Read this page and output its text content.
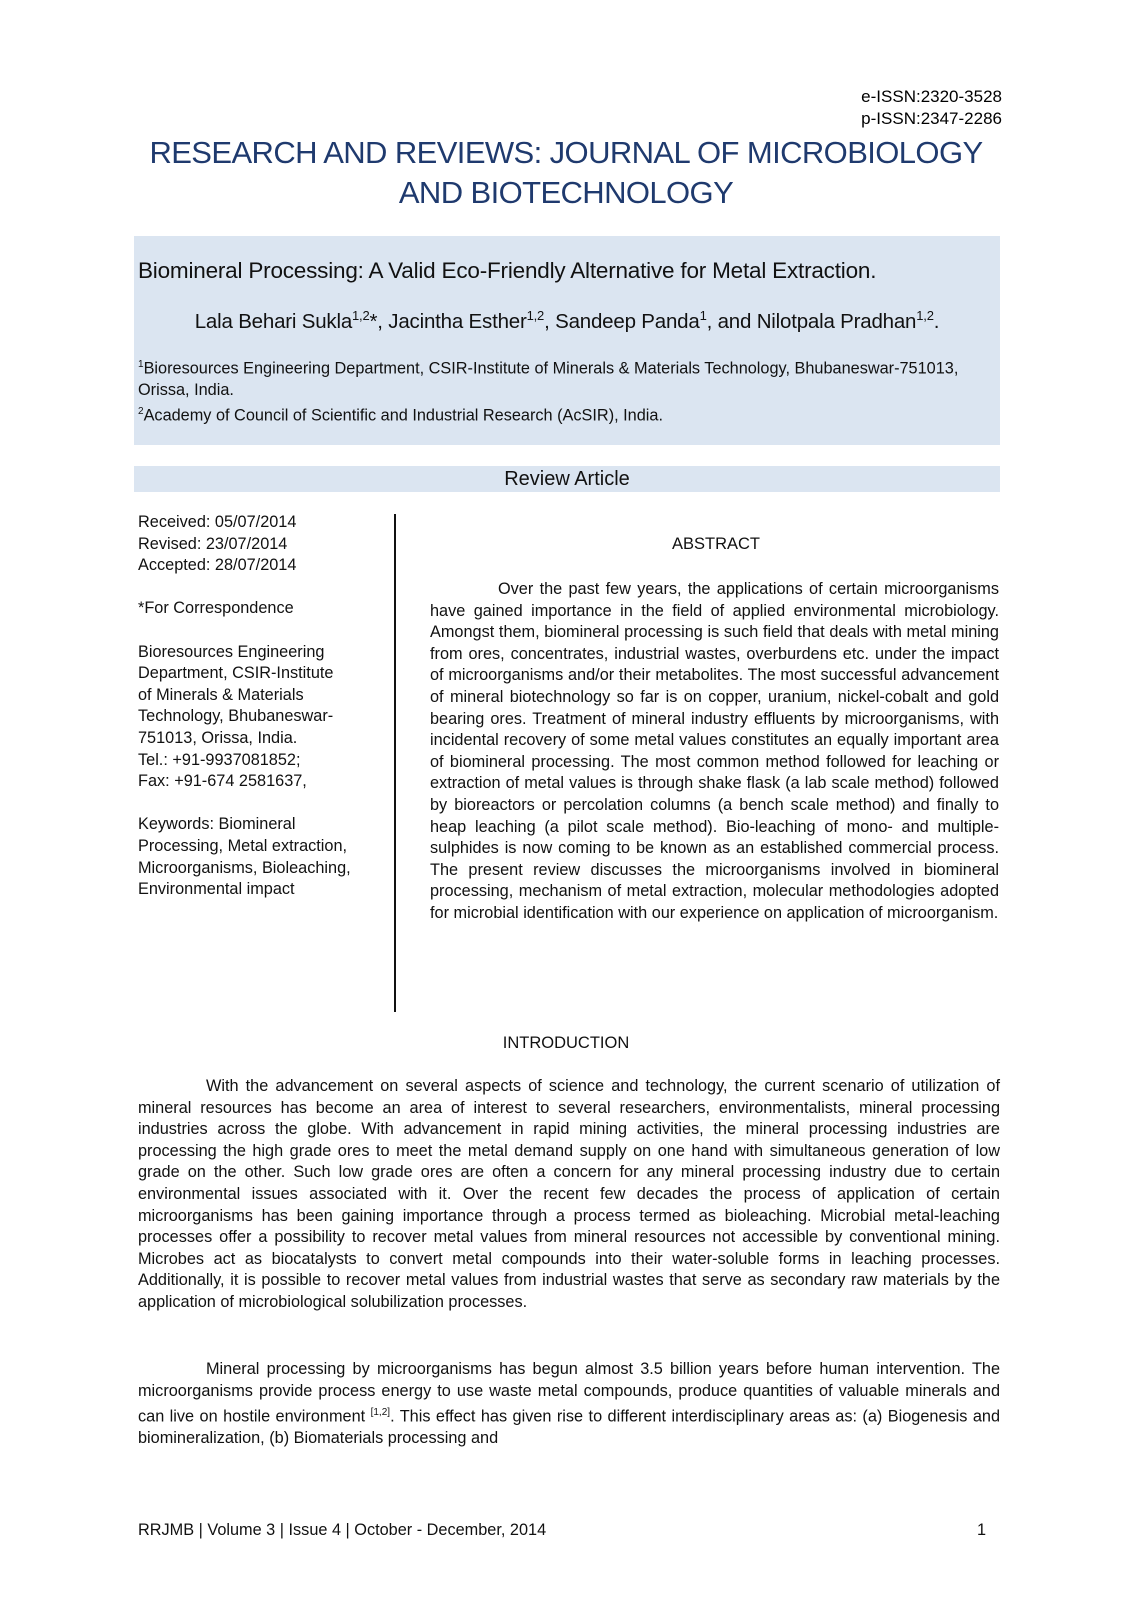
e-ISSN:2320-3528
p-ISSN:2347-2286
RESEARCH AND REVIEWS: JOURNAL OF MICROBIOLOGY
AND BIOTECHNOLOGY
Biomineral Processing: A Valid Eco-Friendly Alternative for Metal Extraction.
Lala Behari Sukla$^{1,2}$*, Jacintha Esther$^{1,2}$, Sandeep Panda$^1$, and Nilotpala Pradhan$^{1,2}$.

$^1$Bioresources Engineering Department, CSIR-Institute of Minerals & Materials Technology, Bhubaneswar-751013, Orissa, India.

$^2$Academy of Council of Scientific and Industrial Research (AcSIR), India.

Review Article

Received: 05/07/2014

Revised: 23/07/2014

Accepted: 28/07/2014

*For Correspondence

Bioresources Engineering

Department, CSIR-Institute

of Minerals & Materials

Technology, Bhubaneswar-

751013, Orissa, India.

Tel.: +91-9937081852;

Fax: +91-674 2581637,

Keywords: Biomineral Processing, Metal extraction, Microorganisms, Bioleaching, Environmental impact

ABSTRACT

Over the past few years, the applications of certain microorganisms have gained importance in the field of applied environmental microbiology. Amongst them, biomineral processing is such field that deals with metal mining from ores, concentrates, industrial wastes, overburdens etc. under the impact of microorganisms and/or their metabolites. The most successful advancement of mineral biotechnology so far is on copper, uranium, nickel-cobalt and gold bearing ores. Treatment of mineral industry effluents by microorganisms, with incidental recovery of some metal values constitutes an equally important area of biomineral processing. The most common method followed for leaching or extraction of metal values is through shake flask (a lab scale method) followed by bioreactors or percolation columns (a bench scale method) and finally to heap leaching (a pilot scale method). Bio-leaching of mono- and multiple-sulphides is now coming to be known as an established commercial process. The present review discusses the microorganisms involved in biomineral processing, mechanism of metal extraction, molecular methodologies adopted for microbial identification with our experience on application of microorganism.

INTRODUCTION

With the advancement on several aspects of science and technology, the current scenario of utilization of mineral resources has become an area of interest to several researchers, environmentalists, mineral processing industries across the globe. With advancement in rapid mining activities, the mineral processing industries are processing the high grade ores to meet the metal demand supply on one hand with simultaneous generation of low grade on the other. Such low grade ores are often a concern for any mineral processing industry due to certain environmental issues associated with it. Over the recent few decades the process of application of certain microorganisms has been gaining importance through a process termed as bioleaching. Microbial metal-leaching processes offer a possibility to recover metal values from mineral resources not accessible by conventional mining. Microbes act as biocatalysts to convert metal compounds into their water-soluble forms in leaching processes. Additionally, it is possible to recover metal values from industrial wastes that serve as secondary raw materials by the application of microbiological solubilization processes.

Mineral processing by microorganisms has begun almost 3.5 billion years before human intervention. The microorganisms provide process energy to use waste metal compounds, produce quantities of valuable minerals and can live on hostile environment [1,2]. This effect has given rise to different interdisciplinary areas as: (a) Biogenesis and biomineralization, (b) Biomaterials processing and

RRJMB | Volume 3 | Issue 4 | October - December, 2014	1
